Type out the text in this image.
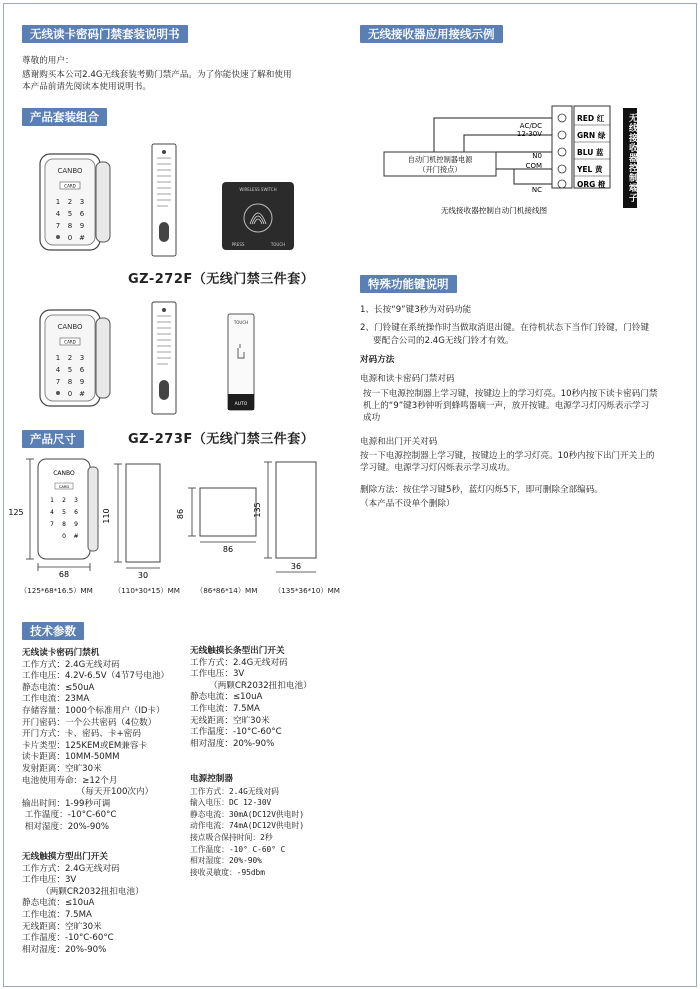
无线读卡密码门禁套装说明书	无线接收器应用接线示例
产品套装组合
产品尺寸
特殊功能键说明
技术参数
尊敬的用户：
感谢购买本公司2.4G无线套装考勤门禁产品。为了你能快速了解和使用
本产品前请先阅读本使用说明书。
CANBO
CARD
1 2 3
4 5 6
7 8 9
0 #
WIRELESS SWITCH
PRESS	TOUCH
GZ-272F（无线门禁三件套）
CANBO
CARD
1 2 3
4 5 6
7 8 9
0 #
TOUCH
AUTO
GZ-273F（无线门禁三件套）
CANBO
CARD
1 2 3
4 5 6
7 8 9
0 #
125
68
（125*68*16.5）MM
110
30
（110*30*15）MM
86
86
（86*86*14）MM
135
36
（135*36*10）MM
RED 红
GRN 绿
BLU 蓝
YEL 黄
ORG 橙
AC/DC
12-30V
N0
COM
NC
自动门机控制器电源
（开门接点）
无线接收器控制自动门机接线图
无线接收器控制端子
1、长按“9”键3秒为对码功能
2、门铃键在系统操作时当做取消退出键。在待机状态下当作门铃键，门铃键
要配合公司的2.4G无线门铃才有效。
对码方法
电源和读卡密码门禁对码
按一下电源控制器上学习键，按键边上的学习灯亮。10秒内按下读卡密码门禁
机上的“9”键3秒钟听到蜂鸣器嘀一声，放开按键。电源学习灯闪烁表示学习
成功
电源和出门开关对码
按一下电源控制器上学习键，按键边上的学习灯亮。10秒内按下出门开关上的
学习键。电源学习灯闪烁表示学习成功。
删除方法：按住学习键5秒，蓝灯闪烁5下，即可删除全部编码。
（本产品不设单个删除）
无线读卡密码门禁机
工作方式：2.4G无线对码
工作电压：4.2V-6.5V（4节7号电池）
静态电流：≤50uA
工作电流：23MA
存储容量：1000个标准用户（ID卡）
开门密码：一个公共密码（4位数）
开门方式：卡、密码、卡+密码
卡片类型：125KEM或EM兼容卡
读卡距离：10MM-50MM
发射距离：空旷30米
电池使用寿命：≥12个月
（每天开100次内）
输出时间：1-99秒可调
工作温度：-10°C-60°C
相对湿度：20%-90%
无线触摸方型出门开关
工作方式：2.4G无线对码
工作电压：3V
（两颗CR2032扭扣电池）
静态电流：≤10uA
工作电流：7.5MA
无线距离：空旷30米
工作温度：-10°C-60°C
相对湿度：20%-90%
无线触摸长条型出门开关
工作方式：2.4G无线对码
工作电压：3V
（两颗CR2032扭扣电池）
静态电流：≤10uA
工作电流：7.5MA
无线距离：空旷30米
工作温度：-10°C-60°C
相对湿度：20%-90%
电源控制器
工作方式：2.4G无线对码
输入电压：DC 12-30V
静态电流：30mA(DC12V供电时)
动作电流：74mA(DC12V供电时)
接点吸合保持时间：2秒
工作温度：-10° C-60° C
相对湿度：20%-90%
接收灵敏度：-95dbm
